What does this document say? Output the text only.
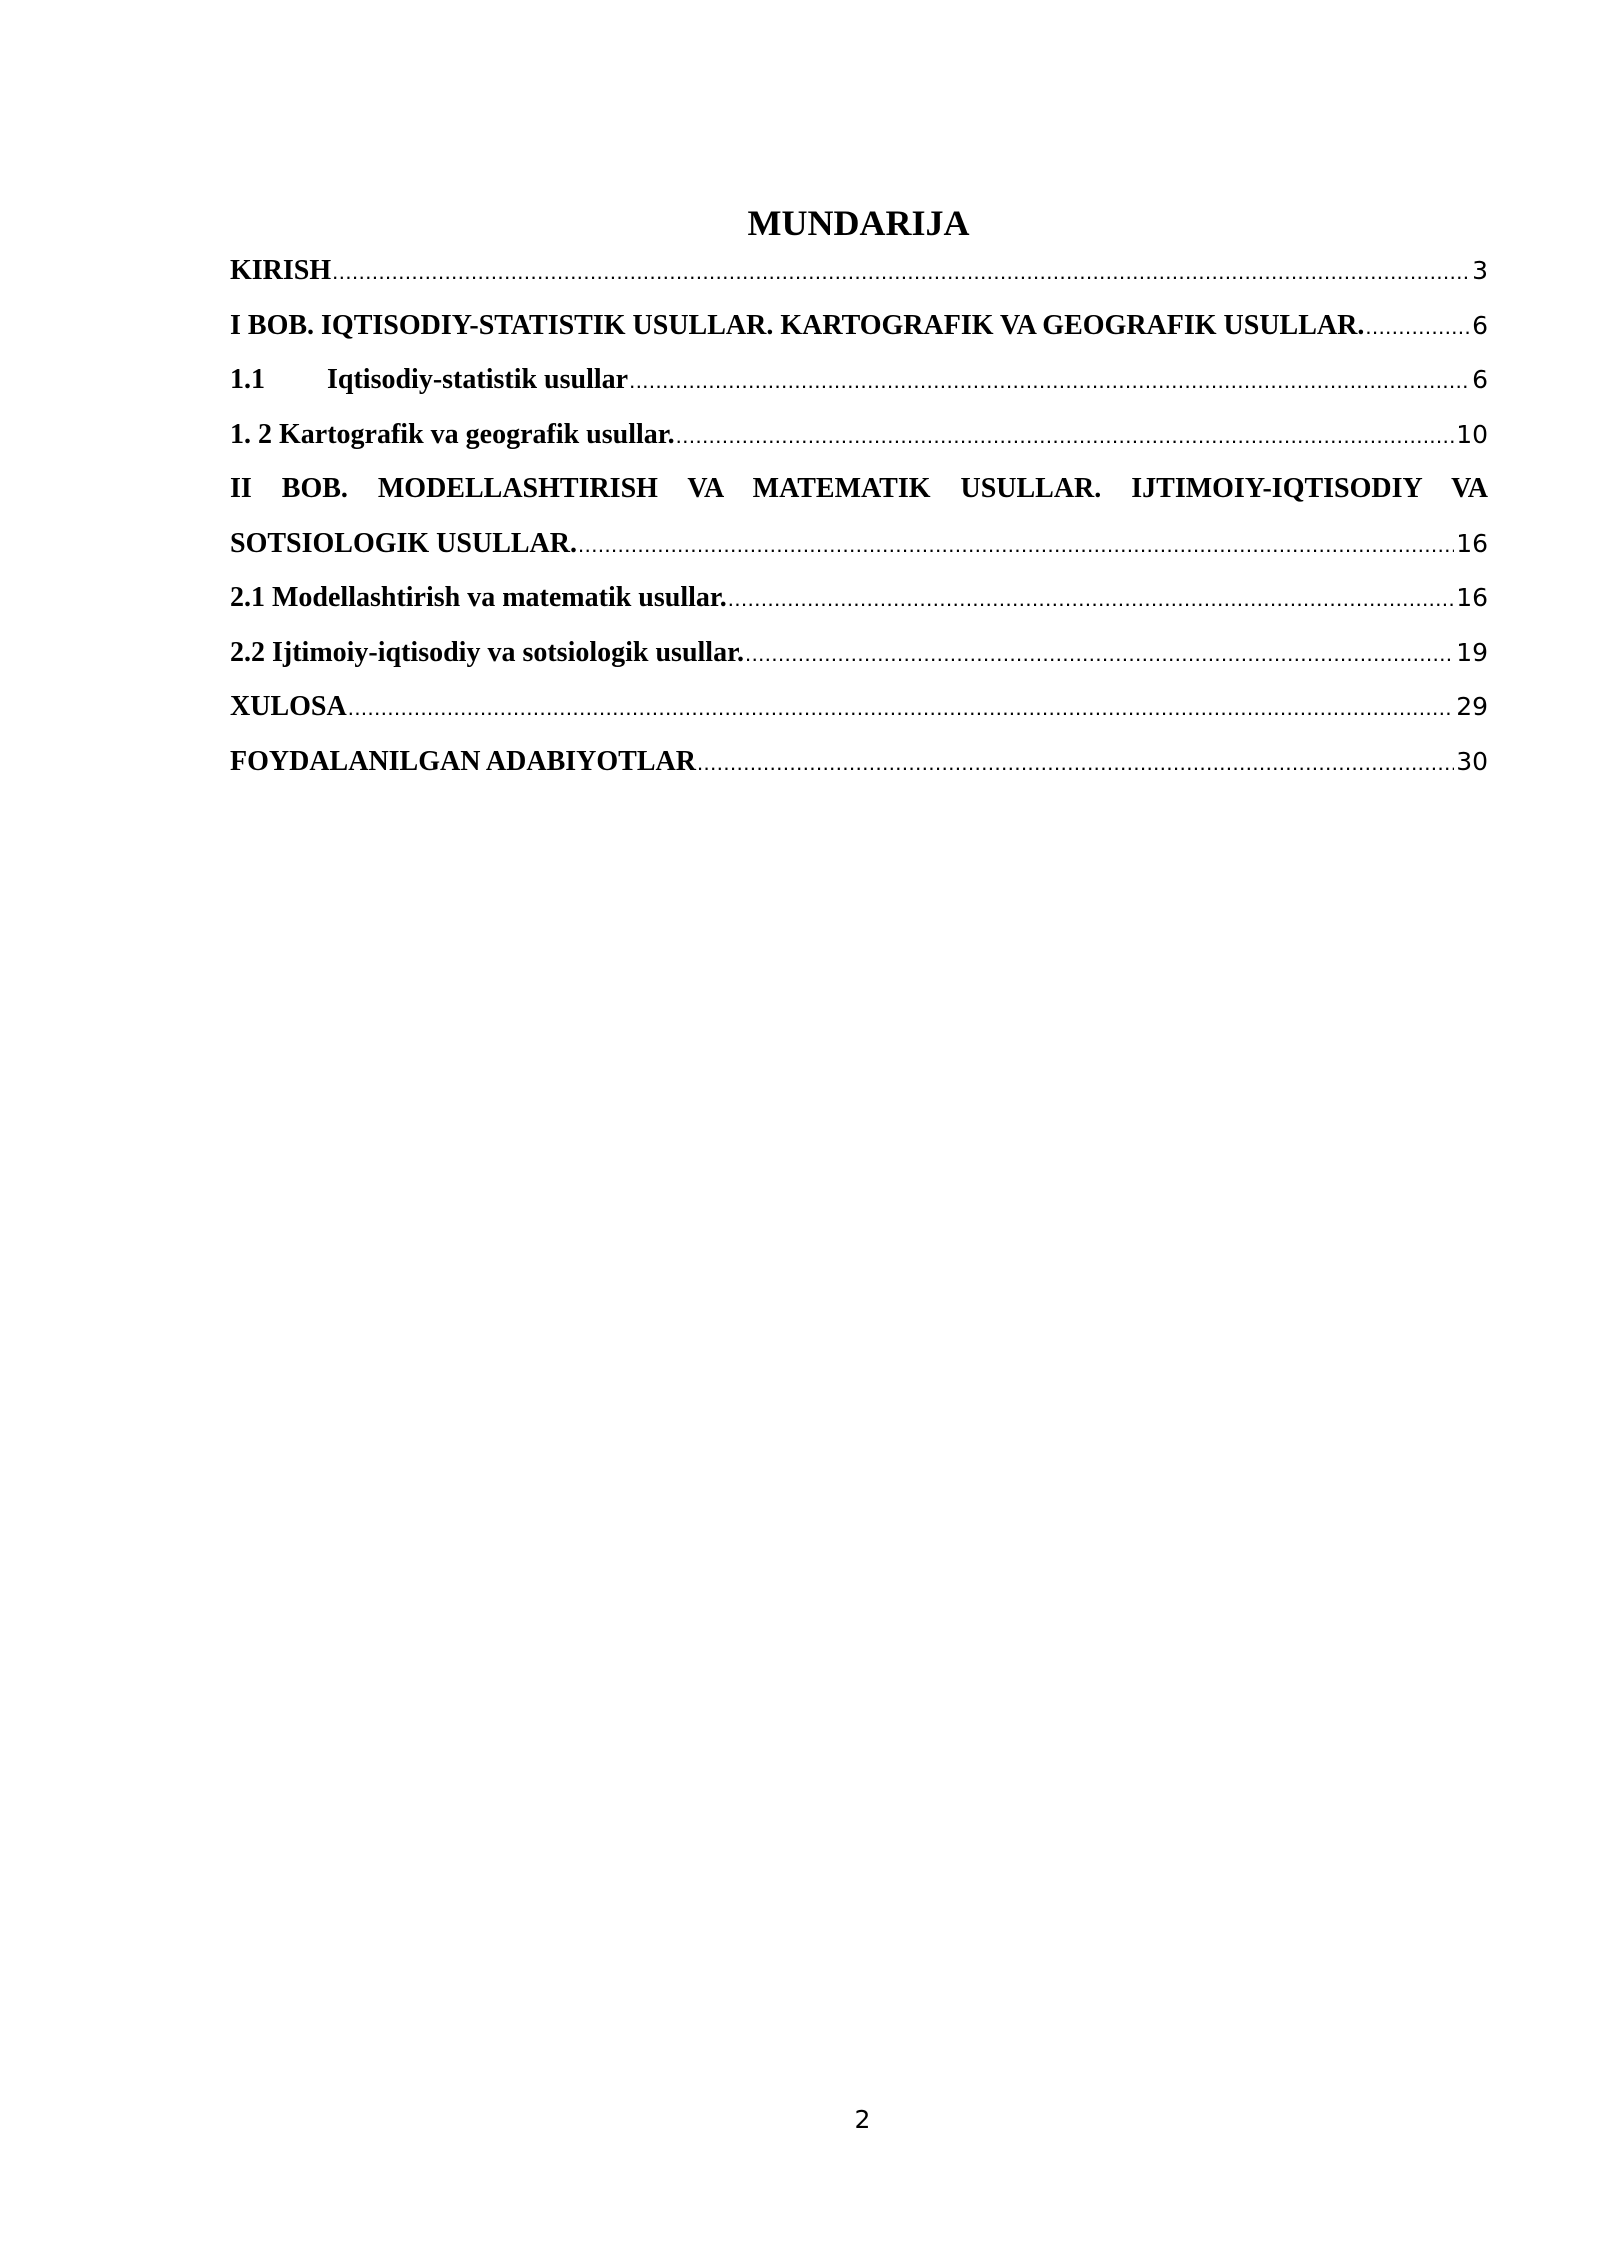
MUNDARIJA
KIRISH .....	3
I BOB. IQTISODIY-STATISTIK USULLAR. KARTOGRAFIK VA GEOGRAFIK USULLAR. .....	6
1.1 Iqtisodiy-statistik usullar .....	6
1. 2 Kartografik va geografik usullar. .....	10
II BOB. MODELLASHTIRISH VA MATEMATIK USULLAR. IJTIMOIY-IQTISODIY VA
SOTSIOLOGIK USULLAR. .....	16
2.1 Modellashtirish va matematik usullar. .....	16
2.2 Ijtimoiy-iqtisodiy va sotsiologik usullar. .....	19
XULOSA .....	29
FOYDALANILGAN ADABIYOTLAR .....	30
2
